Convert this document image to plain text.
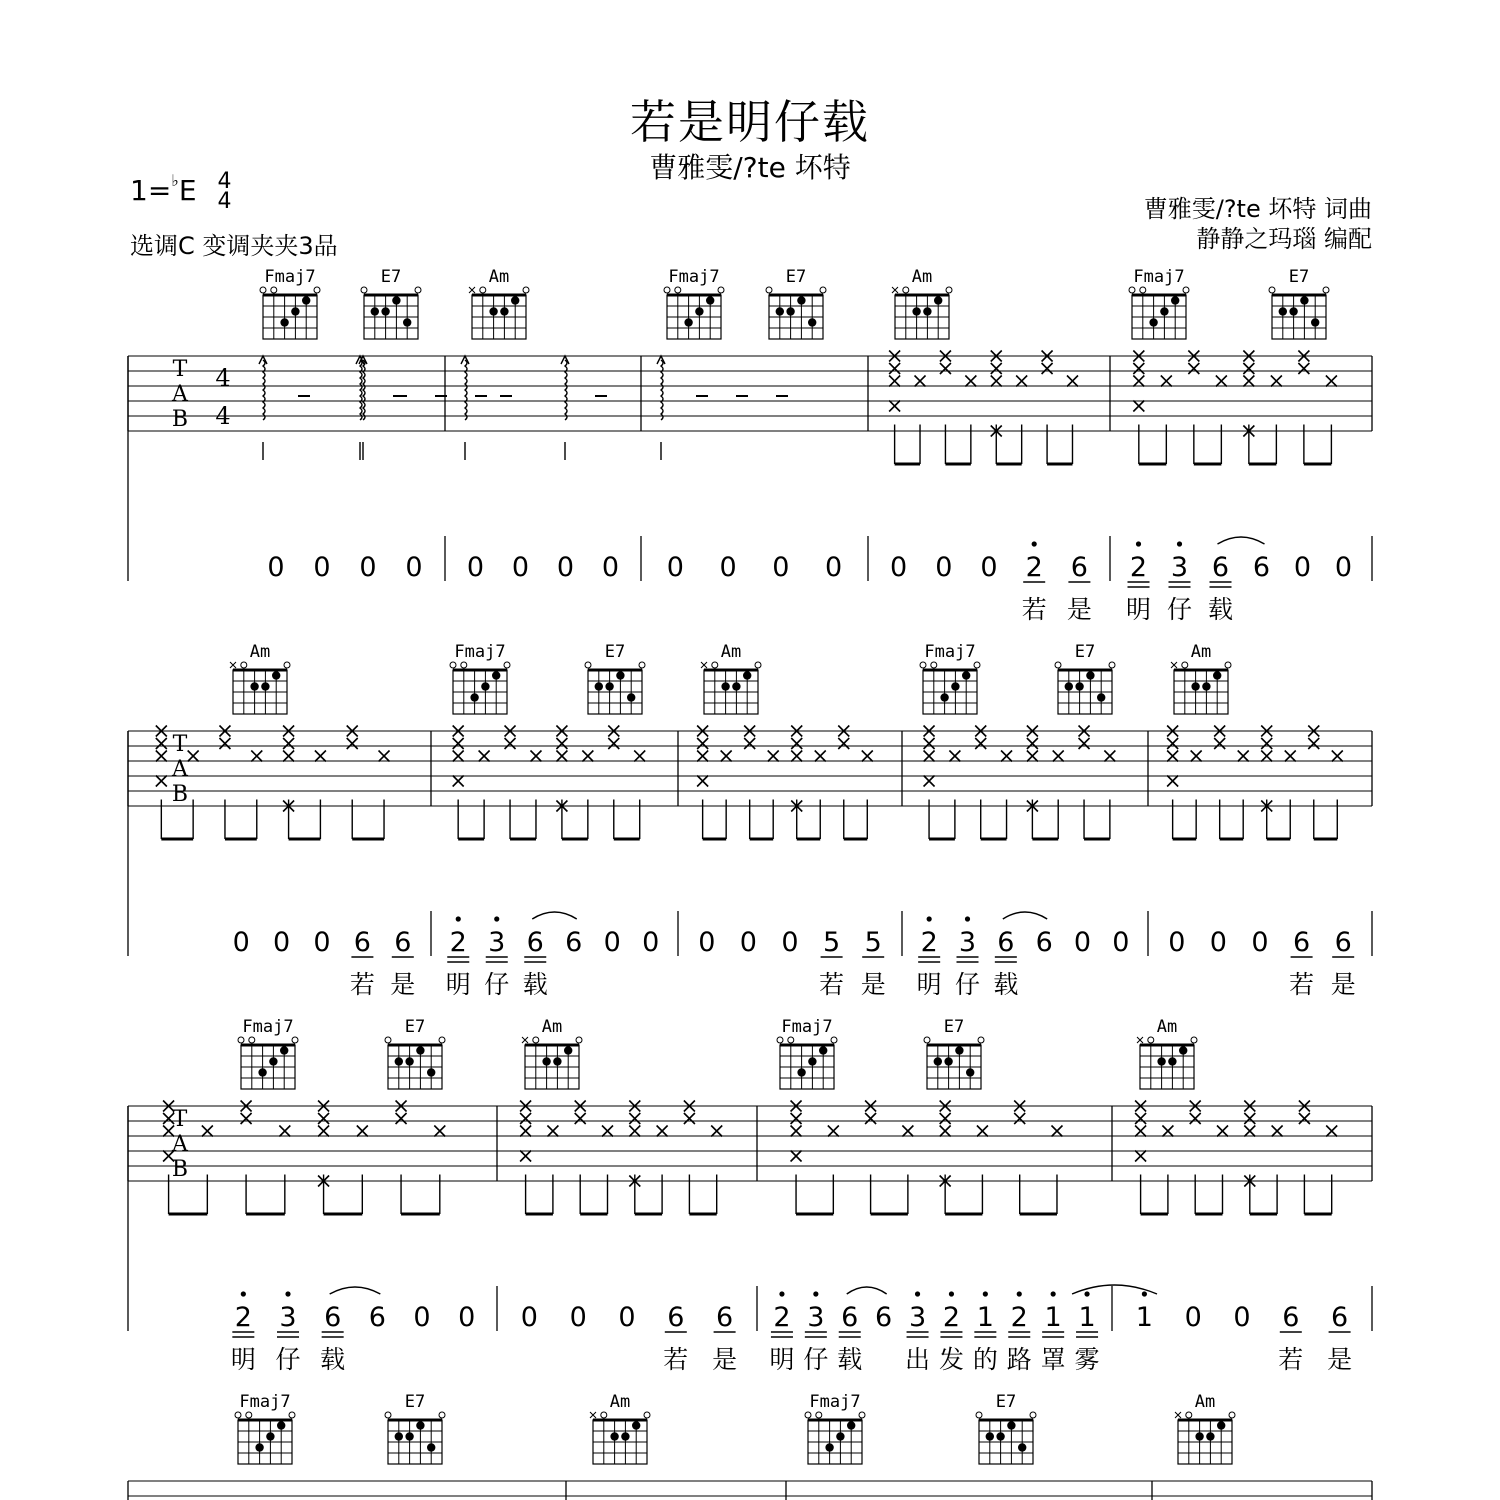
若是明仔载
曹雅雯/?te 坏特
1=♭E 4
4
选调C 变调夹夹3品
曹雅雯/?te 坏特 词曲
静静之玛瑙 编配
T
A
B
4
4
Fmaj7	E7	Am	Fmaj7	E7	Am	Fmaj7	E7
0 0 0 0 0 0 0 0 0 0 0 0 0 0 0 2 6
若 是
2 3 6 6 0 0
明 仔 载
T
A
B
Am	Fmaj7	E7	Am	Fmaj7	E7	Am
0 0 0 6 6
若 是
2 3 6 6 0 0
明 仔 载
0 0 0 5 5
若 是
2 3 6 6 0 0
明 仔 载
0 0 0 6 6
若 是
T
A
B
Fmaj7	E7	Am	Fmaj7	E7	Am
2 3 6 6 0 0
明 仔 载
0 0 0 6 6
若 是
2 3 6 6 3 2 1 2 1 1
明 仔 载 出 发 的 路 罩 雾
1 0 0 6 6
若 是
Fmaj7	E7	Am	Fmaj7	E7	Am
